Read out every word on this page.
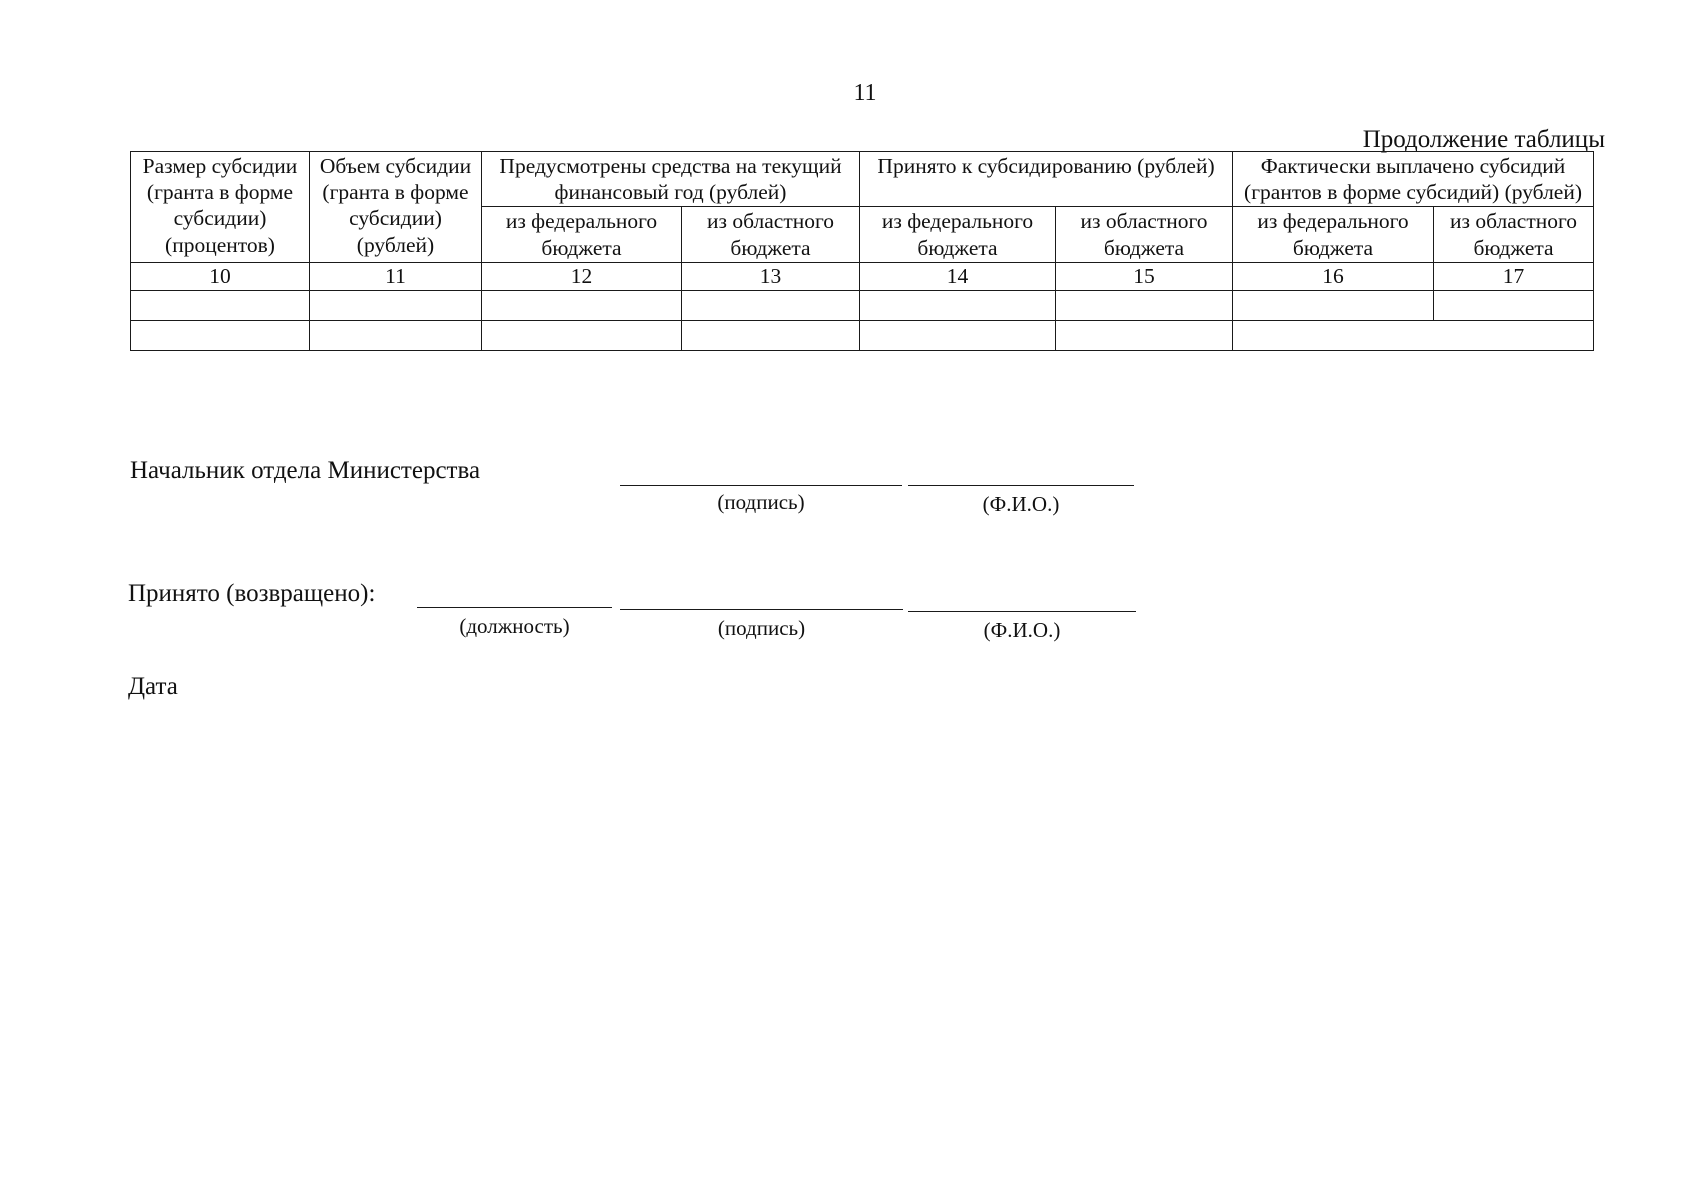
11
Продолжение таблицы
Размер субсидии (гранта в форме субсидии) (процентов)	Объем субсидии (гранта в форме субсидии) (рублей)	Предусмотрены средства на текущий финансовый год (рублей)		Принято к субсидированию (рублей)		Фактически выплачено субсидий (грантов в форме субсидий) (рублей)	
		из федерального бюджета	из областного бюджета	из федерального бюджета	из областного бюджета	из федерального бюджета	из областного бюджета
10	11	12	13	14	15	16	17

Начальник отдела Министерства
(подпись)	(Ф.И.О.)
Принято (возвращено):
(должность)	(подпись)	(Ф.И.О.)
Дата
